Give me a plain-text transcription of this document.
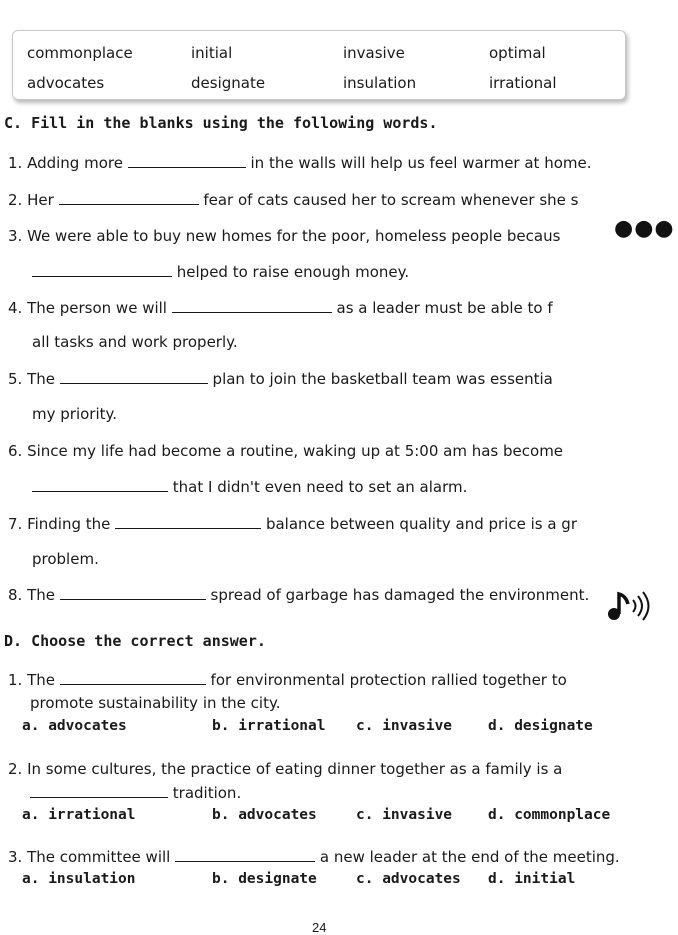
commonplace	initial	invasive	optimal
advocates	designate	insulation	irrational
C. Fill in the blanks using the following words.
1. Adding more	in the walls will help us feel warmer at home.
2. Her	fear of cats caused her to scream whenever she s
3. We were able to buy new homes for the poor, homeless people becaus
helped to raise enough money.
4. The person we will	as a leader must be able to f
all tasks and work properly.
5. The	plan to join the basketball team was essentia
my priority.
6. Since my life had become a routine, waking up at 5:00 am has become
that I didn't even need to set an alarm.
7. Finding the	balance between quality and price is a gr
problem.
8. The	spread of garbage has damaged the environment.
●●●
D. Choose the correct answer.
1. The	for environmental protection rallied together to
promote sustainability in the city.
a. advocates	b. irrational c. invasive d. designate
2. In some cultures, the practice of eating dinner together as a family is a
tradition.
a. irrational	b. advocates	c. invasive d. commonplace
3. The committee will	a new leader at the end of the meeting.
a. insulation	b. designate	c. advocates d. initial
24
